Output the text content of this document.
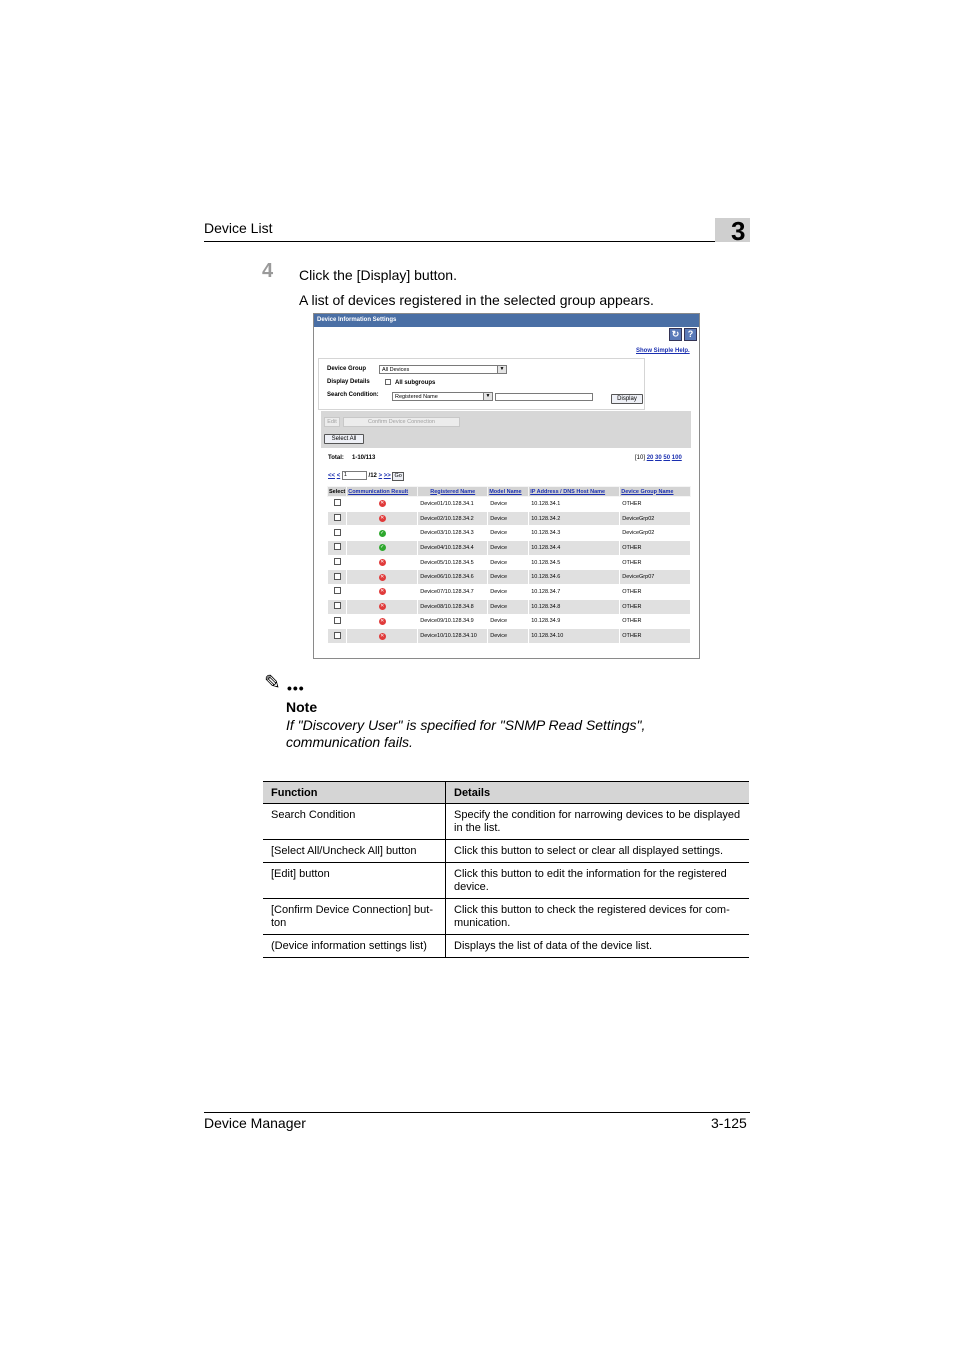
Device List	3
4 Click the [Display] button.
A list of devices registered in the selected group appears.
Device Information Settings
↻ ?
Show Simple Help.
Device Group	All Devices	▼
Display Details	All subgroups
Search Condition:	Registered Name	▼	Display
Edit	Confirm Device Connection
Select All
Total: 1-10/113	[10] 20 30 50 100
<< < 1	/12 > >> Go
Select	Communication Result	Registered Name	Model Name	IP Address / DNS Host Name	Device Group Name
	✕	Device01/10.128.34.1	Device	10.128.34.1	OTHER
	✕	Device02/10.128.34.2	Device	10.128.34.2	DeviceGrp02
	✓	Device03/10.128.34.3	Device	10.128.34.3	DeviceGrp02
	✓	Device04/10.128.34.4	Device	10.128.34.4	OTHER
	✕	Device05/10.128.34.5	Device	10.128.34.5	OTHER
	✕	Device06/10.128.34.6	Device	10.128.34.6	DeviceGrp07
	✕	Device07/10.128.34.7	Device	10.128.34.7	OTHER
	✕	Device08/10.128.34.8	Device	10.128.34.8	OTHER
	✕	Device09/10.128.34.9	Device	10.128.34.9	OTHER
	✕	Device10/10.128.34.10	Device	10.128.34.10	OTHER
✎ •••
Note
If "Discovery User" is specified for "SNMP Read Settings", communication fails.
Function	Details
Search Condition	Specify the condition for narrowing devices to be displayed in the list.
[Select All/Uncheck All] button	Click this button to select or clear all displayed settings.
[Edit] button	Click this button to edit the information for the registered device.
[Confirm Device Connection] but-ton	Click this button to check the registered devices for com-munication.
(Device information settings list)	Displays the list of data of the device list.
Device Manager	3-125
